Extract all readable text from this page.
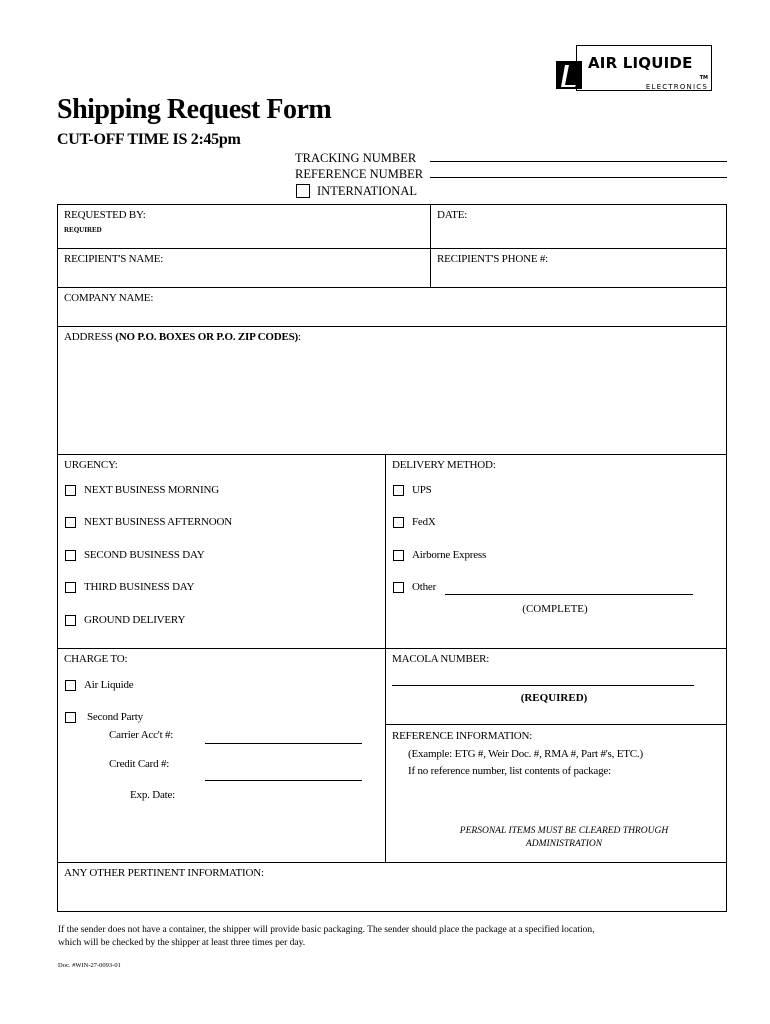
AIR LIQUIDE
TM
ELECTRONICS
Shipping Request Form
CUT-OFF TIME IS 2:45pm
TRACKING NUMBER
REFERENCE NUMBER
INTERNATIONAL
REQUESTED BY:
REQUIRED
DATE:
RECIPIENT'S NAME:	RECIPIENT'S PHONE #:
COMPANY NAME:
ADDRESS (NO P.O. BOXES OR P.O. ZIP CODES):
URGENCY:
NEXT BUSINESS MORNING
NEXT BUSINESS AFTERNOON
SECOND BUSINESS DAY
THIRD BUSINESS DAY
GROUND DELIVERY
DELIVERY METHOD:
UPS
FedX
Airborne Express
Other
(COMPLETE)
CHARGE TO:
Air Liquide
Second Party
Carrier Acc't #:
Credit Card #:
Exp. Date:
MACOLA NUMBER:
(REQUIRED)
REFERENCE INFORMATION:
(Example: ETG #, Weir Doc. #, RMA #, Part #'s, ETC.)
If no reference number, list contents of package:
PERSONAL ITEMS MUST BE CLEARED THROUGH
ADMINISTRATION
ANY OTHER PERTINENT INFORMATION:
If the sender does not have a container, the shipper will provide basic packaging. The sender should place the package at a specified location,
which will be checked by the shipper at least three times per day.
Doc. #WIN-27-0093-01
